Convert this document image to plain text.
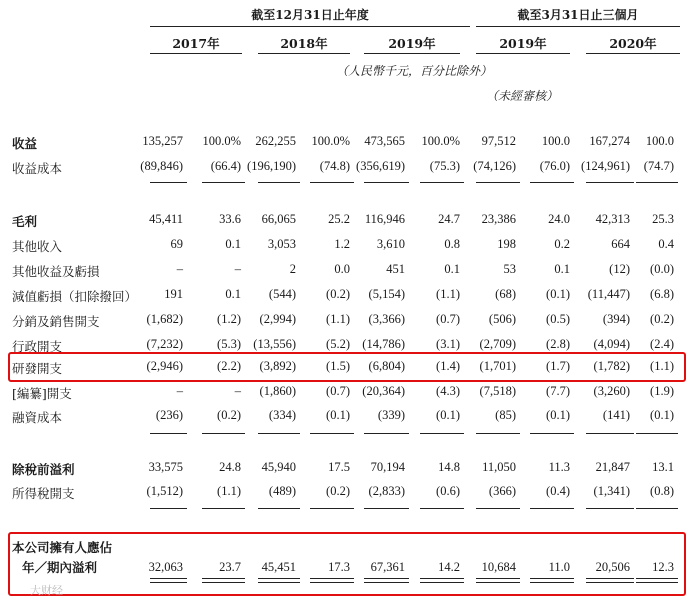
截至12月31日止年度	截至3月31日止三個月
2017年	2018年	2019年	2019年	2020年
（人民幣千元，百分比除外）
（未經審核）
收益	135,257	100.0%	262,255	100.0%	473,565	100.0%	97,512	100.0	167,274	100.0
收益成本	(89,846)	(66.4) (196,190)	(74.8) (356,619)	(75.3)	(74,126)	(76.0) (124,961)	(74.7)
毛利	45,411	33.6	66,065	25.2	116,946	24.7	23,386	24.0	42,313	25.3
其他收入	69	0.1	3,053	1.2	3,610	0.8	198	0.2	664	0.4
其他收益及虧損	–	–	2	0.0	451	0.1	53	0.1	(12)	(0.0)
減值虧損（扣除撥回）	191	0.1	(544)	(0.2)	(5,154)	(1.1)	(68)	(0.1)	(11,447)	(6.8)
分銷及銷售開支	(1,682)	(1.2)	(2,994)	(1.1)	(3,366)	(0.7)	(506)	(0.5)	(394)	(0.2)
行政開支	(7,232)	(5.3) (13,556)	(5.2) (14,786)	(3.1)	(2,709)	(2.8)	(4,094)	(2.4)
研發開支	(2,946)	(2.2)	(3,892)	(1.5)	(6,804)	(1.4)	(1,701)	(1.7)	(1,782)	(1.1)
[編纂]開支	–	–	(1,860)	(0.7) (20,364)	(4.3)	(7,518)	(7.7)	(3,260)	(1.9)
融資成本	(236)	(0.2)	(334)	(0.1)	(339)	(0.1)	(85)	(0.1)	(141)	(0.1)
除稅前溢利	33,575	24.8	45,940	17.5	70,194	14.8	11,050	11.3	21,847	13.1
所得稅開支	(1,512)	(1.1)	(489)	(0.2)	(2,833)	(0.6)	(366)	(0.4)	(1,341)	(0.8)
本公司擁有人應佔
年／期內溢利	32,063	23.7	45,451	17.3	67,361	14.2	10,684	11.0	20,506	12.3
大财经
